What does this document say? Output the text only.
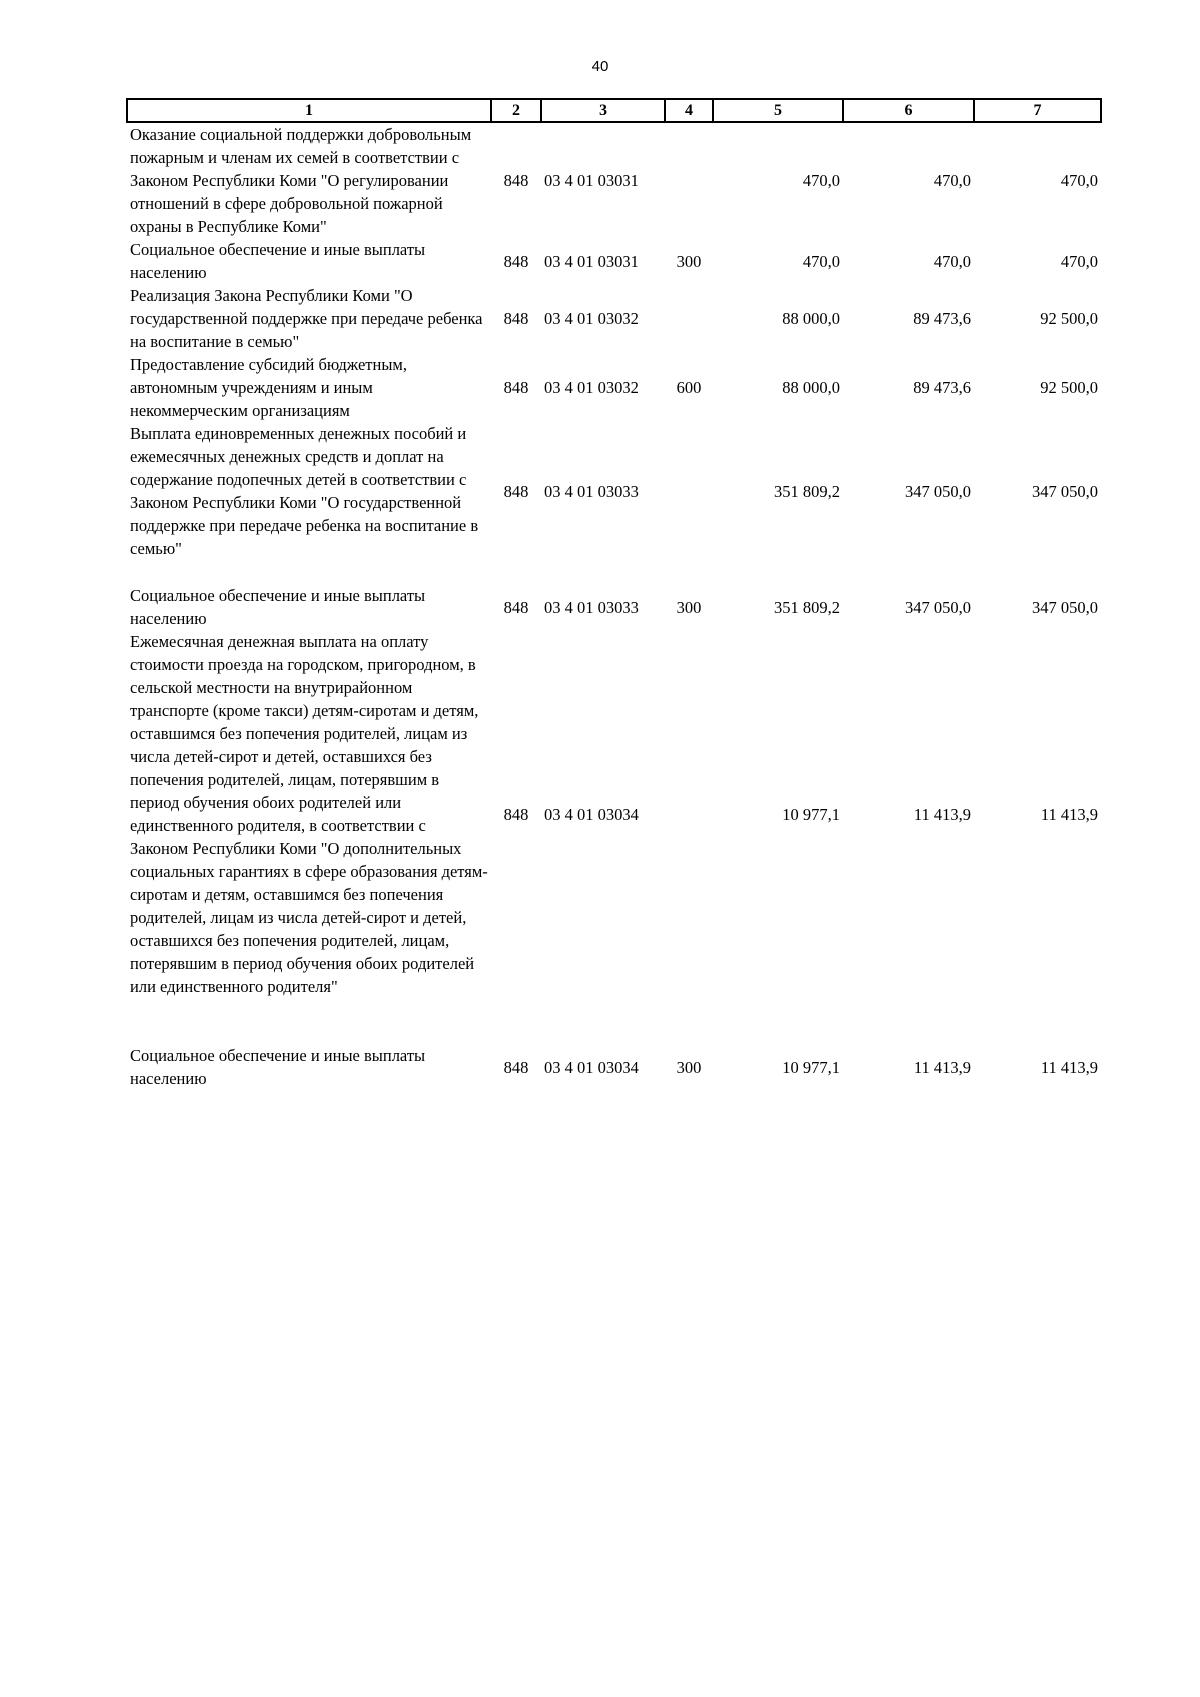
40
1	2	3	4	5	6	7
Оказание социальной поддержки добровольным пожарным и членам их семей в соответствии с Законом Республики Коми "О регулировании отношений в сфере добровольной пожарной охраны в Республике Коми"	848	03 4 01 03031		470,0	470,0	470,0
Социальное обеспечение и иные выплаты населению	848	03 4 01 03031	300	470,0	470,0	470,0
Реализация Закона Республики Коми "О государственной поддержке при передаче ребенка на воспитание в семью"	848	03 4 01 03032		88 000,0	89 473,6	92 500,0
Предоставление субсидий бюджетным, автономным учреждениям и иным некоммерческим организациям	848	03 4 01 03032	600	88 000,0	89 473,6	92 500,0
Выплата единовременных денежных пособий и ежемесячных денежных средств и доплат на содержание подопечных детей в соответствии с Законом Республики Коми "О государственной поддержке при передаче ребенка на воспитание в семью"	848	03 4 01 03033		351 809,2	347 050,0	347 050,0
Социальное обеспечение и иные выплаты населению	848	03 4 01 03033	300	351 809,2	347 050,0	347 050,0
Ежемесячная денежная выплата на оплату стоимости проезда на городском, пригородном, в сельской местности на внутрирайонном транспорте (кроме такси) детям-сиротам и детям, оставшимся без попечения родителей, лицам из числа детей-сирот и детей, оставшихся без попечения родителей, лицам, потерявшим в период обучения обоих родителей или единственного родителя, в соответствии с Законом Республики Коми "О дополнительных социальных гарантиях в сфере образования детям-сиротам и детям, оставшимся без попечения родителей, лицам из числа детей-сирот и детей, оставшихся без попечения родителей, лицам, потерявшим в период обучения обоих родителей или единственного родителя"	848	03 4 01 03034		10 977,1	11 413,9	11 413,9
Социальное обеспечение и иные выплаты населению	848	03 4 01 03034	300	10 977,1	11 413,9	11 413,9
